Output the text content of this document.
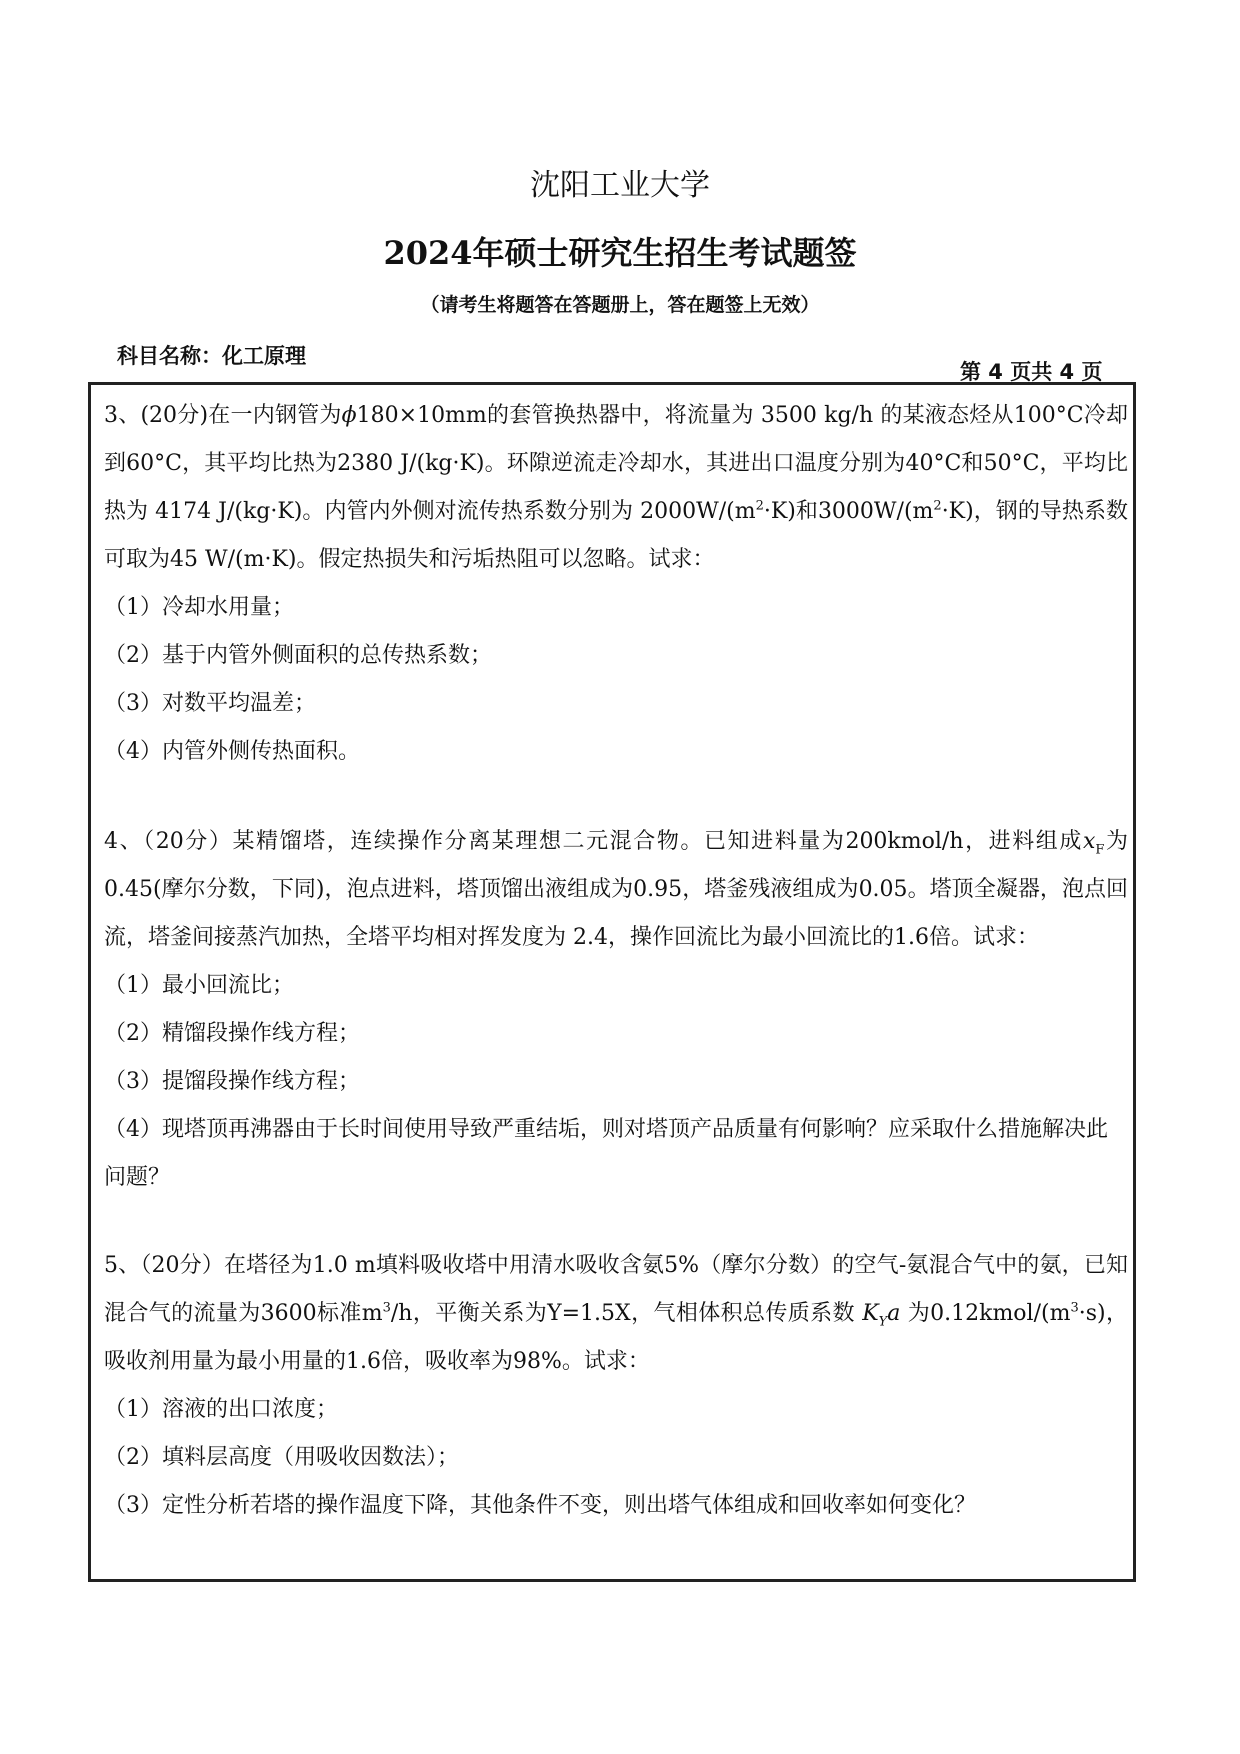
沈阳工业大学
2024年硕士研究生招生考试题签
（请考生将题答在答题册上，答在题签上无效）
科目名称：化工原理
第 4 页共 4 页

3、(20分)在一内钢管为ϕ180×10mm的套管换热器中，将流量为 3500 kg/h 的某液态烃从100°C冷却到60°C，其平均比热为2380 J/(kg·K)。环隙逆流走冷却水，其进出口温度分别为40°C和50°C，平均比热为 4174 J/(kg·K)。内管内外侧对流传热系数分别为 $2000W/(m^2\cdot K)$和$3000W/(m^2\cdot K)$，钢的导热系数可取为45 W/(m·K)。假定热损失和污垢热阻可以忽略。试求：

（1）冷却水用量；

（2）基于内管外侧面积的总传热系数；

（3）对数平均温差；

（4）内管外侧传热面积。

4、（20分）某精馏塔，连续操作分离某理想二元混合物。已知进料量为200kmol/h，进料组成$x_F$为0.45(摩尔分数，下同)，泡点进料，塔顶馏出液组成为0.95，塔釜残液组成为0.05。塔顶全凝器，泡点回流，塔釜间接蒸汽加热，全塔平均相对挥发度为 2.4，操作回流比为最小回流比的1.6倍。试求：

（1）最小回流比；

（2）精馏段操作线方程；

（3）提馏段操作线方程；

（4）现塔顶再沸器由于长时间使用导致严重结垢，则对塔顶产品质量有何影响？应采取什么措施解决此问题？

5、（20分）在塔径为1.0 m填料吸收塔中用清水吸收含氨5%（摩尔分数）的空气-氨混合气中的氨，已知混合气的流量为3600标准$m^3/h$，平衡关系为Y=1.5X，气相体积总传质系数 $K_Ya$ 为$0.12kmol/(m^3\cdot s)$，吸收剂用量为最小用量的1.6倍，吸收率为98%。试求：

（1）溶液的出口浓度；

（2）填料层高度（用吸收因数法）；

（3）定性分析若塔的操作温度下降，其他条件不变，则出塔气体组成和回收率如何变化？
